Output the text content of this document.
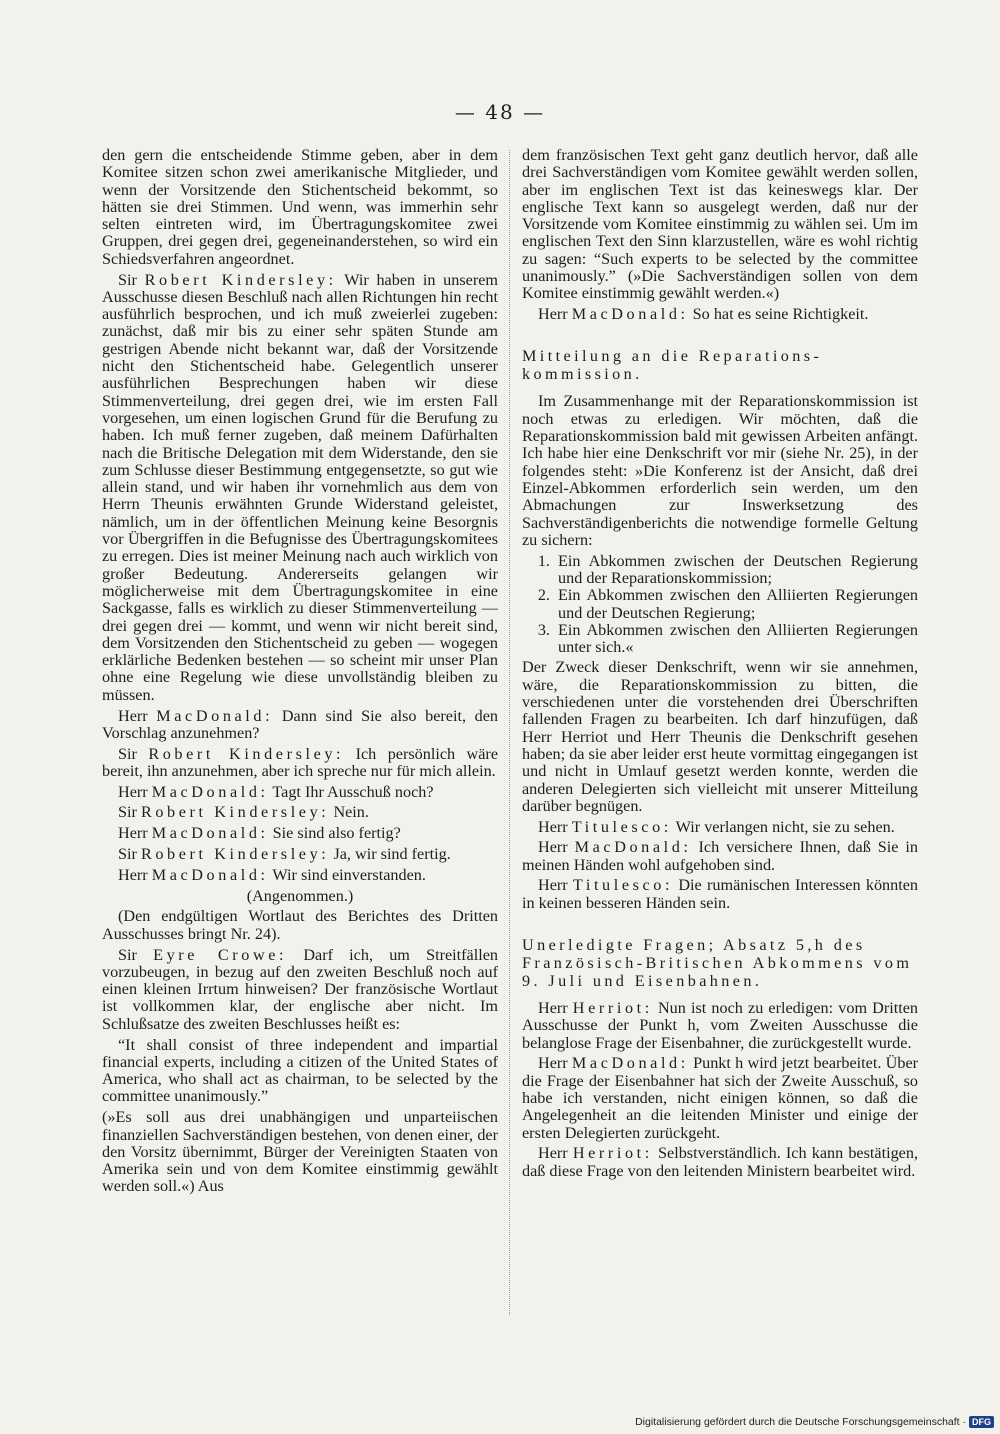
— 48 —

den gern die entscheidende Stimme geben, aber in dem Komitee sitzen schon zwei amerikanische Mitglieder, und wenn der Vorsitzende den Stichentscheid bekommt, so hätten sie drei Stimmen. Und wenn, was immerhin sehr selten eintreten wird, im Übertragungskomitee zwei Gruppen, drei gegen drei, gegeneinanderstehen, so wird ein Schiedsverfahren angeordnet.

Sir Robert Kindersley: Wir haben in unserem Ausschusse diesen Beschluß nach allen Richtungen hin recht ausführlich besprochen, und ich muß zweierlei zugeben: zunächst, daß mir bis zu einer sehr späten Stunde am gestrigen Abende nicht bekannt war, daß der Vorsitzende nicht den Stichentscheid habe. Gelegentlich unserer ausführlichen Besprechungen haben wir diese Stimmenverteilung, drei gegen drei, wie im ersten Fall vorgesehen, um einen logischen Grund für die Berufung zu haben. Ich muß ferner zugeben, daß meinem Dafürhalten nach die Britische Delegation mit dem Widerstande, den sie zum Schlusse dieser Bestimmung entgegensetzte, so gut wie allein stand, und wir haben ihr vornehmlich aus dem von Herrn Theunis erwähnten Grunde Widerstand geleistet, nämlich, um in der öffentlichen Meinung keine Besorgnis vor Übergriffen in die Befugnisse des Übertragungskomitees zu erregen. Dies ist meiner Meinung nach auch wirklich von großer Bedeutung. Andererseits gelangen wir möglicherweise mit dem Übertragungskomitee in eine Sackgasse, falls es wirklich zu dieser Stimmenverteilung — drei gegen drei — kommt, und wenn wir nicht bereit sind, dem Vorsitzenden den Stichentscheid zu geben — wogegen erklärliche Bedenken bestehen — so scheint mir unser Plan ohne eine Regelung wie diese unvollständig bleiben zu müssen.

Herr MacDonald: Dann sind Sie also bereit, den Vorschlag anzunehmen?

Sir Robert Kindersley: Ich persönlich wäre bereit, ihn anzunehmen, aber ich spreche nur für mich allein.

Herr MacDonald: Tagt Ihr Ausschuß noch?

Sir Robert Kindersley: Nein.

Herr MacDonald: Sie sind also fertig?

Sir Robert Kindersley: Ja, wir sind fertig.

Herr MacDonald: Wir sind einverstanden.

(Angenommen.)

(Den endgültigen Wortlaut des Berichtes des Dritten Ausschusses bringt Nr. 24).

Sir Eyre Crowe: Darf ich, um Streitfällen vorzubeugen, in bezug auf den zweiten Beschluß noch auf einen kleinen Irrtum hinweisen? Der französische Wortlaut ist vollkommen klar, der englische aber nicht. Im Schlußsatze des zweiten Beschlusses heißt es:

“It shall consist of three independent and impartial financial experts, including a citizen of the United States of America, who shall act as chairman, to be selected by the committee unanimously.”

(»Es soll aus drei unabhängigen und unparteiischen finanziellen Sachverständigen bestehen, von denen einer, der den Vorsitz übernimmt, Bürger der Vereinigten Staaten von Amerika sein und von dem Komitee einstimmig gewählt werden soll.«) Aus

dem französischen Text geht ganz deutlich hervor, daß alle drei Sachverständigen vom Komitee gewählt werden sollen, aber im englischen Text ist das keineswegs klar. Der englische Text kann so ausgelegt werden, daß nur der Vorsitzende vom Komitee einstimmig zu wählen sei. Um im englischen Text den Sinn klarzustellen, wäre es wohl richtig zu sagen: “Such experts to be selected by the committee unanimously.” (»Die Sachverständigen sollen von dem Komitee einstimmig gewählt werden.«)

Herr MacDonald: So hat es seine Richtigkeit.

Mitteilung an die Reparations-kommission.

Im Zusammenhange mit der Reparationskommission ist noch etwas zu erledigen. Wir möchten, daß die Reparationskommission bald mit gewissen Arbeiten anfängt. Ich habe hier eine Denkschrift vor mir (siehe Nr. 25), in der folgendes steht: »Die Konferenz ist der Ansicht, daß drei Einzel-Abkommen erforderlich sein werden, um den Abmachungen zur Inswerksetzung des Sachverständigenberichts die notwendige formelle Geltung zu sichern:

1. Ein Abkommen zwischen der Deutschen Regierung und der Reparationskommission;
2. Ein Abkommen zwischen den Alliierten Regierungen und der Deutschen Regierung;
3. Ein Abkommen zwischen den Alliierten Regierungen unter sich.«

Der Zweck dieser Denkschrift, wenn wir sie annehmen, wäre, die Reparationskommission zu bitten, die verschiedenen unter die vorstehenden drei Überschriften fallenden Fragen zu bearbeiten. Ich darf hinzufügen, daß Herr Herriot und Herr Theunis die Denkschrift gesehen haben; da sie aber leider erst heute vormittag eingegangen ist und nicht in Umlauf gesetzt werden konnte, werden die anderen Delegierten sich vielleicht mit unserer Mitteilung darüber begnügen.

Herr Titulesco: Wir verlangen nicht, sie zu sehen.

Herr MacDonald: Ich versichere Ihnen, daß Sie in meinen Händen wohl aufgehoben sind.

Herr Titulesco: Die rumänischen Interessen könnten in keinen besseren Händen sein.

Unerledigte Fragen; Absatz 5,h des Französisch-Britischen Abkommens vom 9. Juli und Eisenbahnen.

Herr Herriot: Nun ist noch zu erledigen: vom Dritten Ausschusse der Punkt h, vom Zweiten Ausschusse die belanglose Frage der Eisenbahner, die zurückgestellt wurde.

Herr MacDonald: Punkt h wird jetzt bearbeitet. Über die Frage der Eisenbahner hat sich der Zweite Ausschuß, so habe ich verstanden, nicht einigen können, so daß die Angelegenheit an die leitenden Minister und einige der ersten Delegierten zurückgeht.

Herr Herriot: Selbstverständlich. Ich kann bestätigen, daß diese Frage von den leitenden Ministern bearbeitet wird.

Digitalisierung gefördert durch die Deutsche Forschungsgemeinschaft · DFG
